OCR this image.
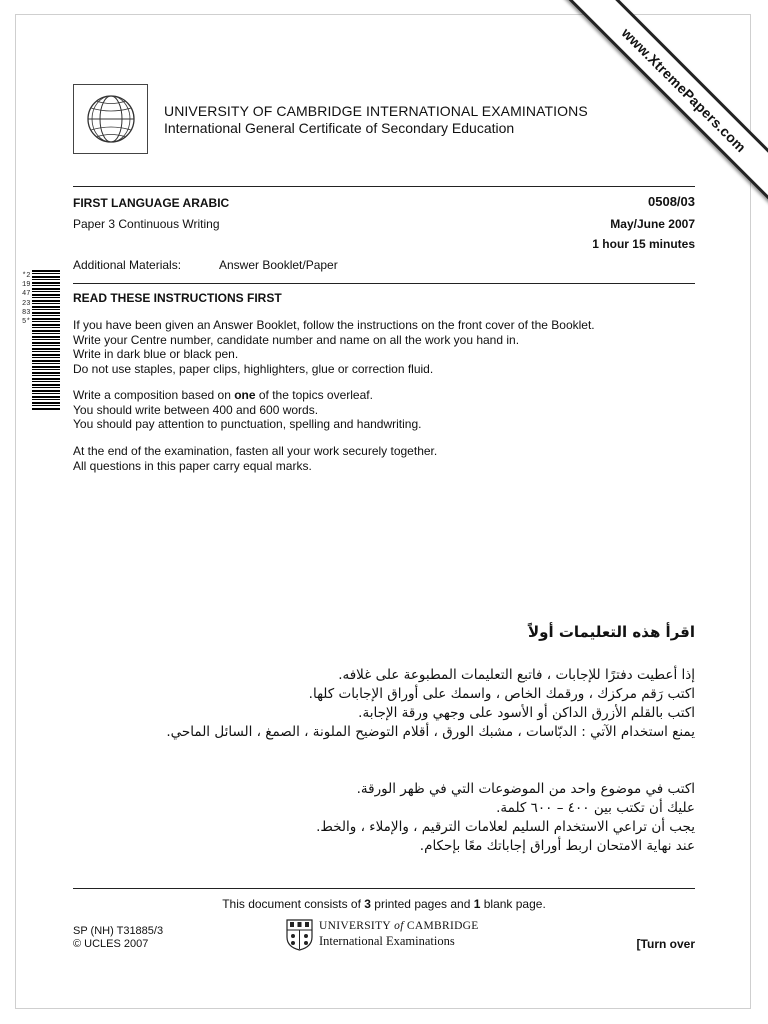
www.XtremePapers.com
UNIVERSITY OF CAMBRIDGE INTERNATIONAL EXAMINATIONS
International General Certificate of Secondary Education
FIRST LANGUAGE ARABIC	0508/03
Paper 3 Continuous Writing	May/June 2007
1 hour 15 minutes
Additional Materials:	Answer Booklet/Paper
*2194723835*
READ THESE INSTRUCTIONS FIRST
If you have been given an Answer Booklet, follow the instructions on the front cover of the Booklet.
Write your Centre number, candidate number and name on all the work you hand in.
Write in dark blue or black pen.
Do not use staples, paper clips, highlighters, glue or correction fluid.
Write a composition based on one of the topics overleaf.
You should write between 400 and 600 words.
You should pay attention to punctuation, spelling and handwriting.
At the end of the examination, fasten all your work securely together.
All questions in this paper carry equal marks.
اقرأ هذه التعليمات أولاً
إذا أعطيت دفترًا للإجابات ، فاتبع التعليمات المطبوعة على غلافه.
اكتب رَقم مركزك ، ورقمك الخاص ، واسمك على أوراق الإجابات كلها.
اكتب بالقلم الأزرق الداكن أو الأسود على وجهي ورقة الإجابة.
يمنع استخدام الآتي : الدبّاسات ، مشبك الورق ، أقلام التوضيح الملونة ، الصمغ ، السائل الماحي.
اكتب في موضوع واحد من الموضوعات التي في ظهر الورقة.
عليك أن تكتب بين ٤٠٠ – ٦٠٠ كلمة.
يجب أن تراعي الاستخدام السليم لعلامات الترقيم ، والإملاء ، والخط.
عند نهاية الامتحان اربط أوراق إجاباتك معًا بإحكام.
This document consists of 3 printed pages and 1 blank page.
SP (NH) T31885/3
© UCLES 2007
UNIVERSITY of CAMBRIDGE
International Examinations	[Turn over
